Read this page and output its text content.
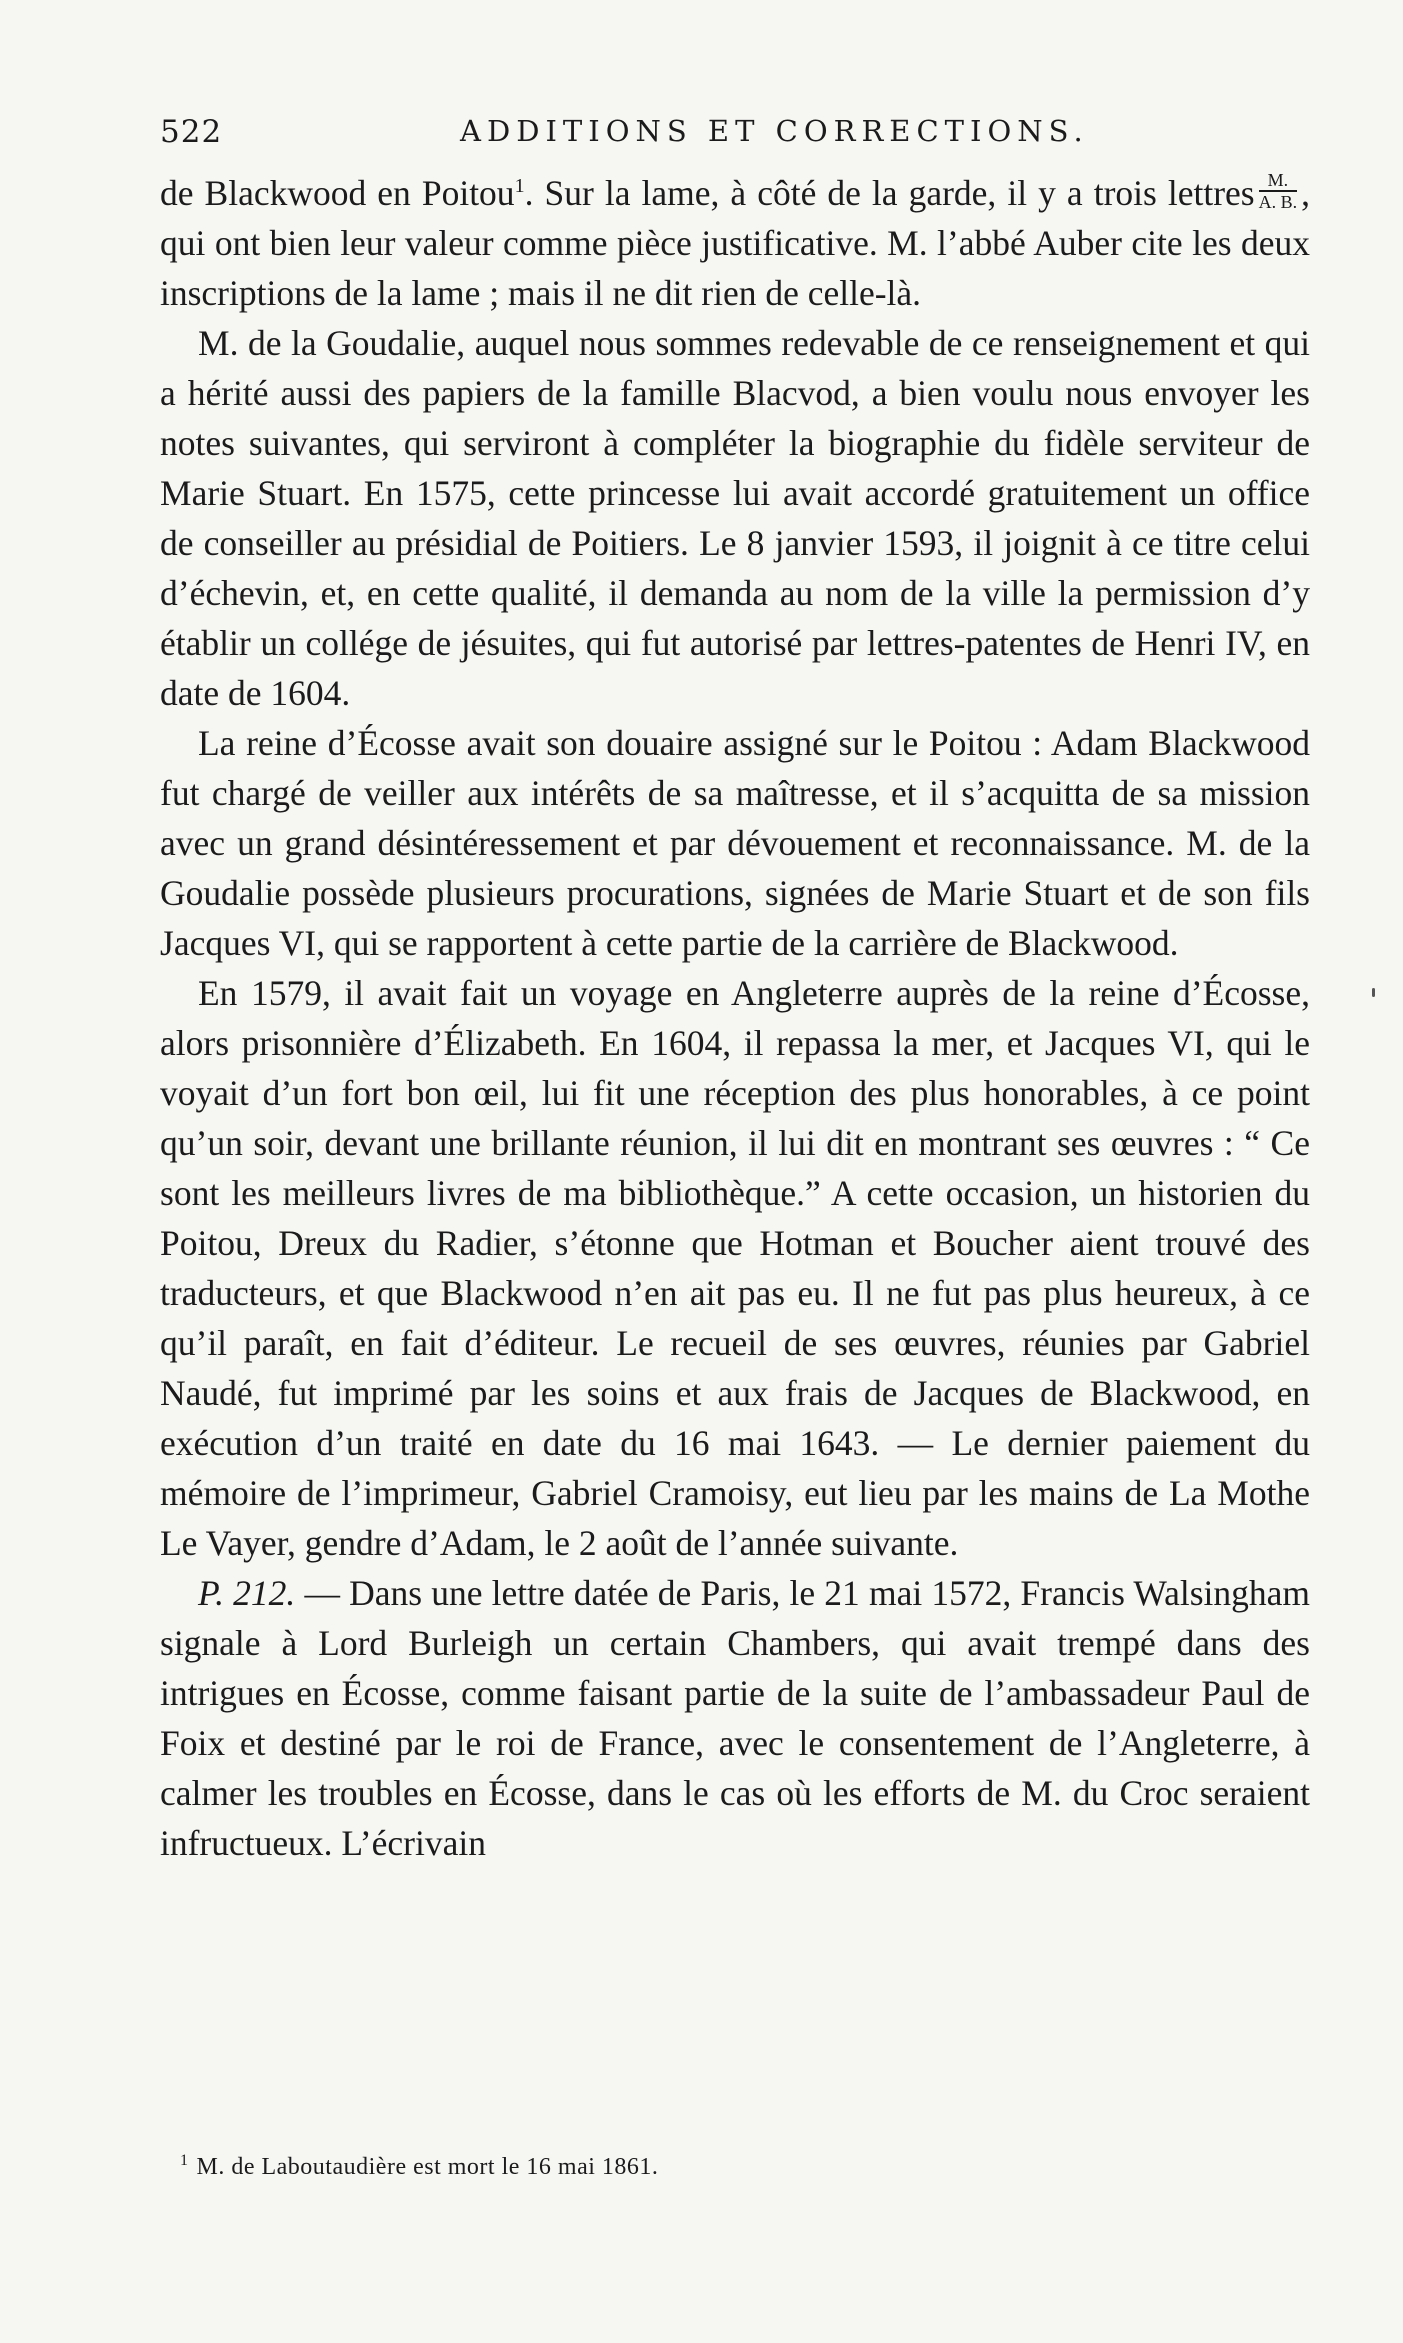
522	ADDITIONS ET CORRECTIONS.

de Blackwood en Poitou$^1$. Sur la lame, à côté de la garde, il y a trois lettres $\frac{M.}{A. B.}$ , qui ont bien leur valeur comme pièce justificative. M. l’abbé Auber cite les deux inscriptions de la lame ; mais il ne dit rien de celle-là.

M. de la Goudalie, auquel nous sommes redevable de ce renseignement et qui a hérité aussi des papiers de la famille Blacvod, a bien voulu nous envoyer les notes suivantes, qui serviront à compléter la biographie du fidèle serviteur de Marie Stuart. En 1575, cette princesse lui avait accordé gratuitement un office de conseiller au présidial de Poitiers. Le 8 janvier 1593, il joignit à ce titre celui d’échevin, et, en cette qualité, il demanda au nom de la ville la permission d’y établir un collége de jésuites, qui fut autorisé par lettres-patentes de Henri IV, en date de 1604.

La reine d’Écosse avait son douaire assigné sur le Poitou : Adam Blackwood fut chargé de veiller aux intérêts de sa maîtresse, et il s’acquitta de sa mission avec un grand désintéressement et par dévouement et reconnaissance. M. de la Goudalie possède plusieurs procurations, signées de Marie Stuart et de son fils Jacques VI, qui se rapportent à cette partie de la carrière de Blackwood.

En 1579, il avait fait un voyage en Angleterre auprès de la reine d’Écosse, alors prisonnière d’Élizabeth. En 1604, il repassa la mer, et Jacques VI, qui le voyait d’un fort bon œil, lui fit une réception des plus honorables, à ce point qu’un soir, devant une brillante réunion, il lui dit en montrant ses œuvres : “ Ce sont les meilleurs livres de ma bibliothèque.” A cette occasion, un historien du Poitou, Dreux du Radier, s’étonne que Hotman et Boucher aient trouvé des traducteurs, et que Blackwood n’en ait pas eu. Il ne fut pas plus heureux, à ce qu’il paraît, en fait d’éditeur. Le recueil de ses œuvres, réunies par Gabriel Naudé, fut imprimé par les soins et aux frais de Jacques de Blackwood, en exécution d’un traité en date du 16 mai 1643. — Le dernier paiement du mémoire de l’imprimeur, Gabriel Cramoisy, eut lieu par les mains de La Mothe Le Vayer, gendre d’Adam, le 2 août de l’année suivante.

P. 212. — Dans une lettre datée de Paris, le 21 mai 1572, Francis Walsingham signale à Lord Burleigh un certain Chambers, qui avait trempé dans des intrigues en Écosse, comme faisant partie de la suite de l’ambassadeur Paul de Foix et destiné par le roi de France, avec le consentement de l’Angleterre, à calmer les troubles en Écosse, dans le cas où les efforts de M. du Croc seraient infructueux. L’écrivain

$^1$ M. de Laboutaudière est mort le 16 mai 1861.
